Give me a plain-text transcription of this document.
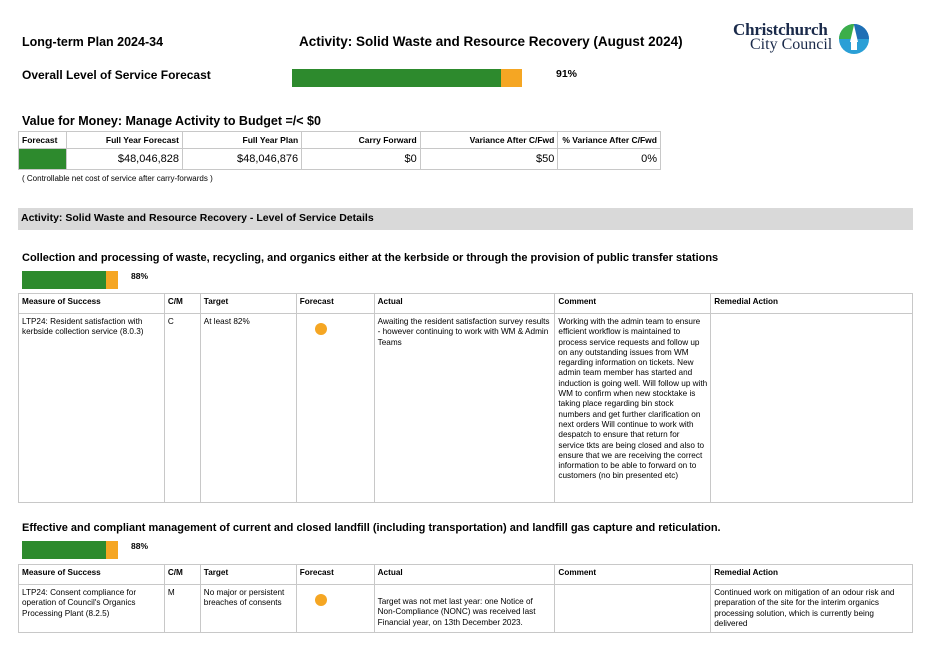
Long-term Plan 2024-34	Activity: Solid Waste and Resource Recovery (August 2024)
Christchurch
City Council
Overall Level of Service Forecast	91%
Value for Money: Manage Activity to Budget =/< $0
Forecast	Full Year Forecast	Full Year Plan	Carry Forward	Variance After C/Fwd	% Variance After C/Fwd

	$48,046,828	$48,046,876	$0	$50	0%
( Controllable net cost of service after carry-forwards )
Activity: Solid Waste and Resource Recovery - Level of Service Details
Collection and processing of waste, recycling, and organics either at the kerbside or through the provision of public transfer stations
88%
Measure of Success	C/M	Target	Forecast	Actual	Comment	Remedial Action
LTP24: Resident satisfaction with kerbside collection service (8.0.3)	C	At least 82%		Awaiting the resident satisfaction survey results - however continuing to work with WM & Admin Teams	Working with the admin team to ensure efficient workflow is maintained to process service requests and follow up on any outstanding issues from WM regarding information on tickets. New admin team member has started and induction is going well. Will follow up with WM to confirm when new stocktake is taking place regarding bin stock numbers and get further clarification on next orders Will continue to work with despatch to ensure that return for service tkts are being closed and also to ensure that we are receiving the correct information to be able to forward on to customers (no bin presented etc)	
Effective and compliant management of current and closed landfill (including transportation) and landfill gas capture and reticulation.
88%
Measure of Success	C/M	Target	Forecast	Actual	Comment	Remedial Action
LTP24: Consent compliance for operation of Council's Organics Processing Plant (8.2.5)	M	No major or persistent breaches of consents		Target was not met last year: one Notice of Non-Compliance (NONC) was received last Financial year, on 13th December 2023.		Continued work on mitigation of an odour risk and preparation of the site for the interim organics processing solution, which is currently being delivered
